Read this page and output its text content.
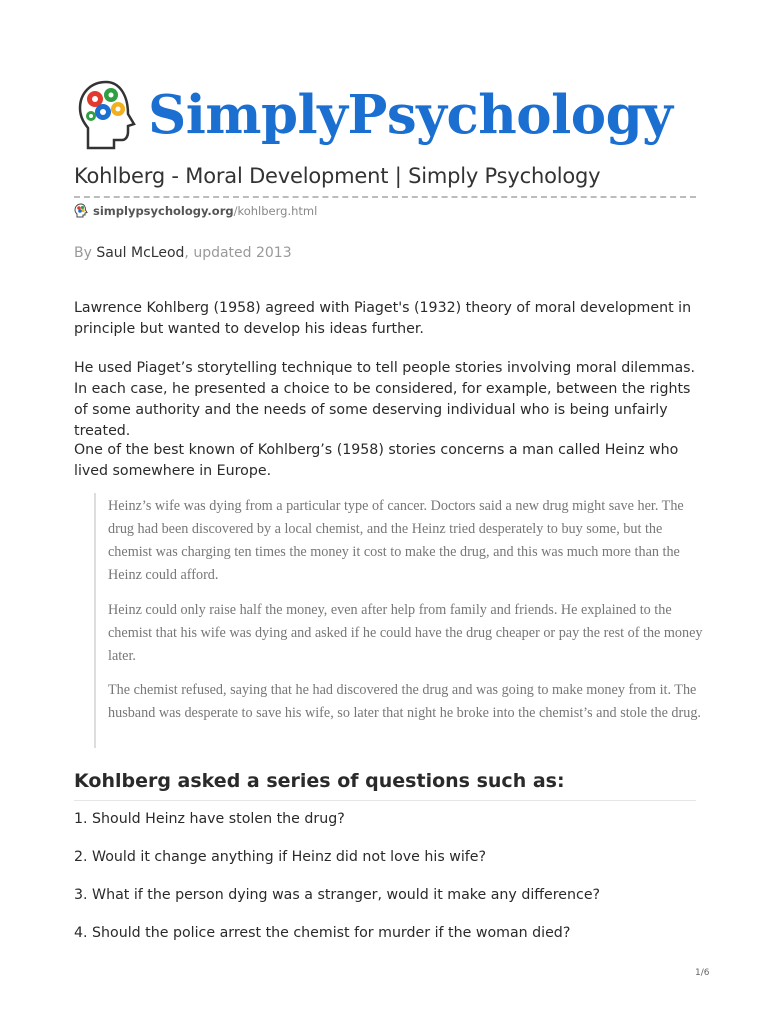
SimplyPsychology
Kohlberg - Moral Development | Simply Psychology
simplypsychology.org /kohlberg.html
By Saul McLeod, updated 2013

Lawrence Kohlberg (1958) agreed with Piaget's (1932) theory of moral development in principle but wanted to develop his ideas further.

He used Piaget’s storytelling technique to tell people stories involving moral dilemmas. In each case, he presented a choice to be considered, for example, between the rights of some authority and the needs of some deserving individual who is being unfairly treated.

One of the best known of Kohlberg’s (1958) stories concerns a man called Heinz who lived somewhere in Europe.

Heinz’s wife was dying from a particular type of cancer. Doctors said a new drug might save her. The drug had been discovered by a local chemist, and the Heinz tried desperately to buy some, but the chemist was charging ten times the money it cost to make the drug, and this was much more than the Heinz could afford.

Heinz could only raise half the money, even after help from family and friends. He explained to the chemist that his wife was dying and asked if he could have the drug cheaper or pay the rest of the money later.

The chemist refused, saying that he had discovered the drug and was going to make money from it. The husband was desperate to save his wife, so later that night he broke into the chemist’s and stole the drug.

Kohlberg asked a series of questions such as:
1. Should Heinz have stolen the drug?
2. Would it change anything if Heinz did not love his wife?
3. What if the person dying was a stranger, would it make any difference?
4. Should the police arrest the chemist for murder if the woman died?
1/6
